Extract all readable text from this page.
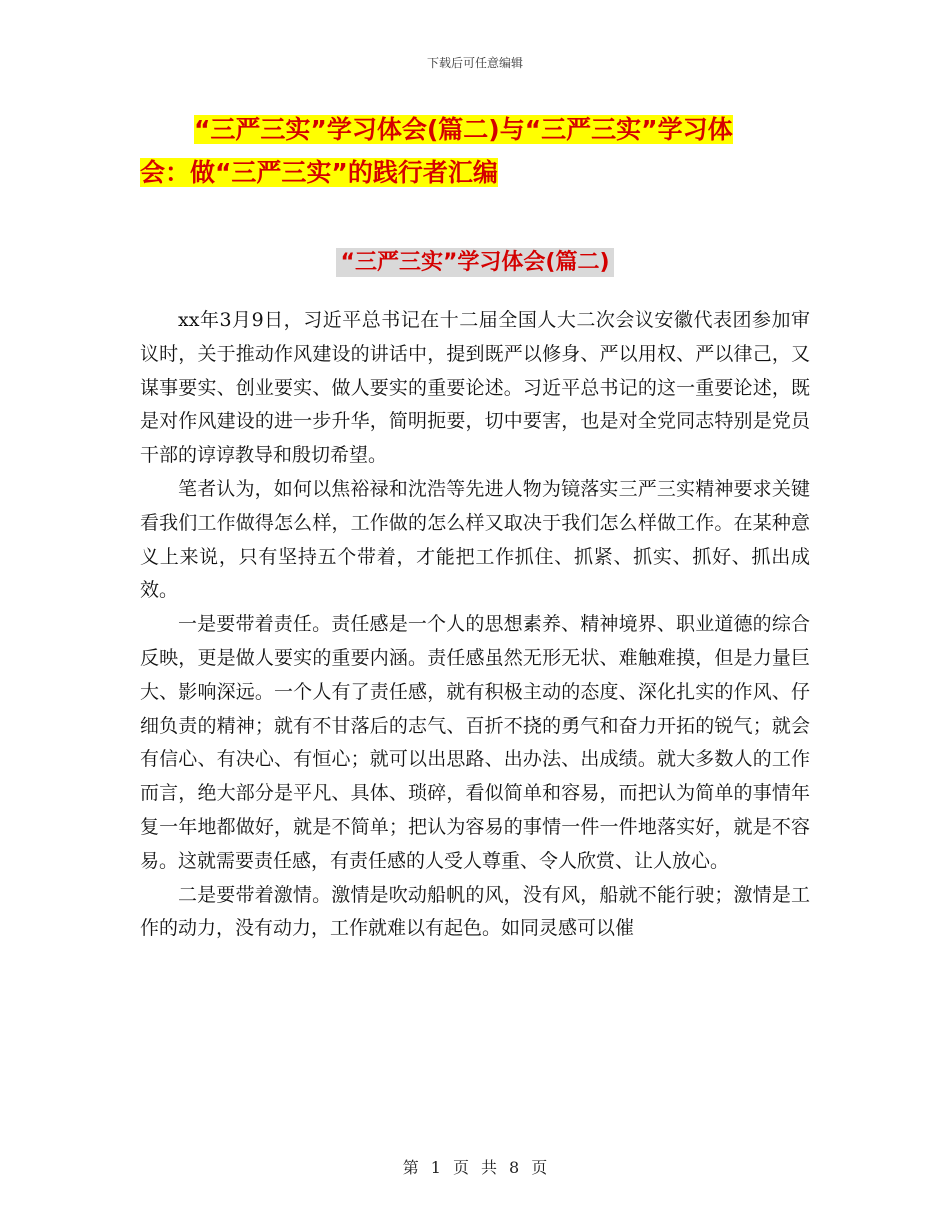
下载后可任意编辑
“三严三实”学习体会(篇二)与“三严三实”学习体
会：做“三严三实”的践行者汇编
“三严三实”学习体会(篇二)

xx年3月9日，习近平总书记在十二届全国人大二次会议安徽代表团参加审议时，关于推动作风建设的讲话中，提到既严以修身、严以用权、严以律己，又谋事要实、创业要实、做人要实的重要论述。习近平总书记的这一重要论述，既是对作风建设的进一步升华，简明扼要，切中要害，也是对全党同志特别是党员干部的谆谆教导和殷切希望。

笔者认为，如何以焦裕禄和沈浩等先进人物为镜落实三严三实精神要求关键看我们工作做得怎么样，工作做的怎么样又取决于我们怎么样做工作。在某种意义上来说，只有坚持五个带着，才能把工作抓住、抓紧、抓实、抓好、抓出成效。

一是要带着责任。责任感是一个人的思想素养、精神境界、职业道德的综合反映，更是做人要实的重要内涵。责任感虽然无形无状、难触难摸，但是力量巨大、影响深远。一个人有了责任感，就有积极主动的态度、深化扎实的作风、仔细负责的精神；就有不甘落后的志气、百折不挠的勇气和奋力开拓的锐气；就会有信心、有决心、有恒心；就可以出思路、出办法、出成绩。就大多数人的工作而言，绝大部分是平凡、具体、琐碎，看似简单和容易，而把认为简单的事情年复一年地都做好，就是不简单；把认为容易的事情一件一件地落实好，就是不容易。这就需要责任感，有责任感的人受人尊重、令人欣赏、让人放心。

二是要带着激情。激情是吹动船帆的风，没有风，船就不能行驶；激情是工作的动力，没有动力，工作就难以有起色。如同灵感可以催

第 1 页 共 8 页
